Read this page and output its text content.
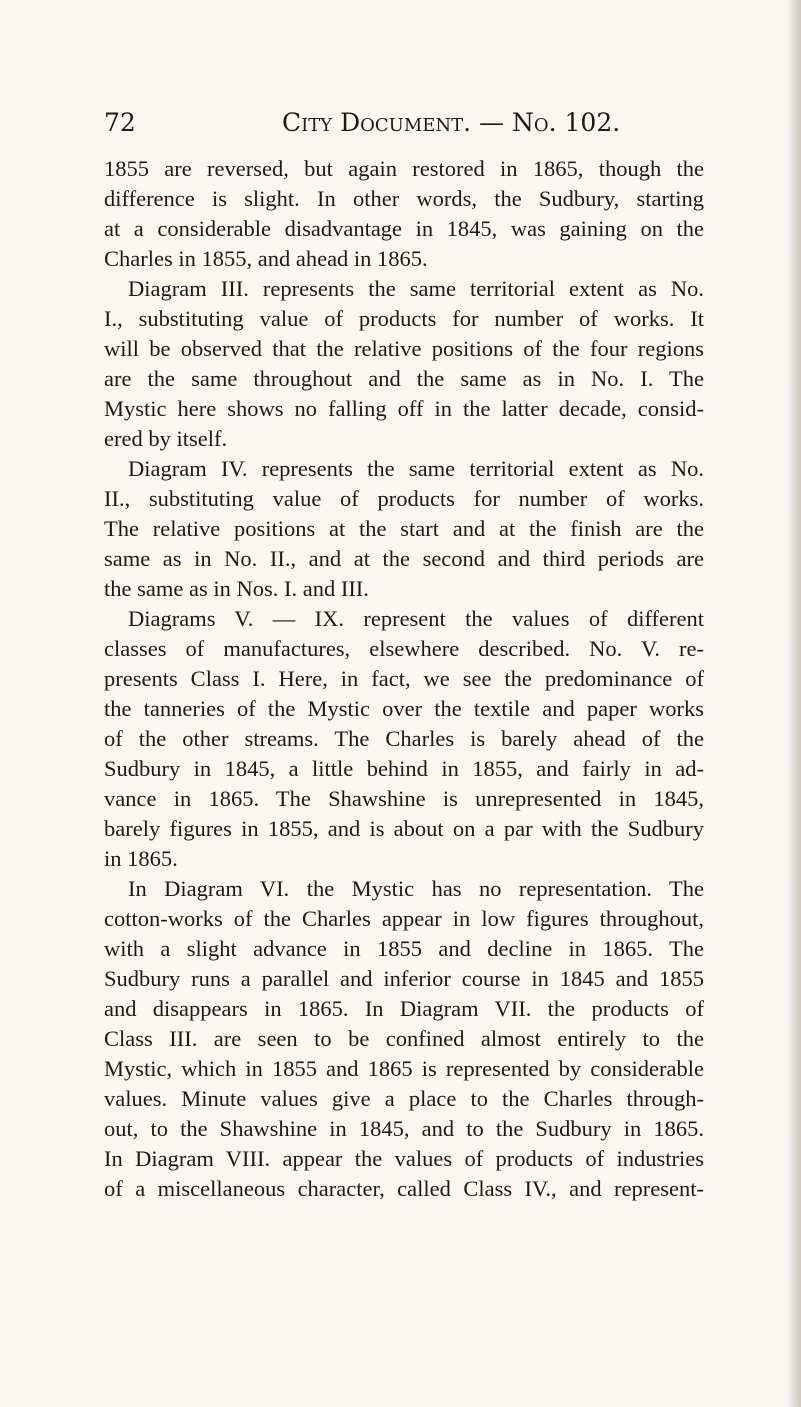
72	City Document. — No. 102.
1855 are reversed, but again restored in 1865, though the
difference is slight. In other words, the Sudbury, starting
at a considerable disadvantage in 1845, was gaining on the
Charles in 1855, and ahead in 1865.
Diagram III. represents the same territorial extent as No.
I., substituting value of products for number of works. It
will be observed that the relative positions of the four regions
are the same throughout and the same as in No. I. The
Mystic here shows no falling off in the latter decade, consid-
ered by itself.
Diagram IV. represents the same territorial extent as No.
II., substituting value of products for number of works.
The relative positions at the start and at the finish are the
same as in No. II., and at the second and third periods are
the same as in Nos. I. and III.
Diagrams V. — IX. represent the values of different
classes of manufactures, elsewhere described. No. V. re-
presents Class I. Here, in fact, we see the predominance of
the tanneries of the Mystic over the textile and paper works
of the other streams. The Charles is barely ahead of the
Sudbury in 1845, a little behind in 1855, and fairly in ad-
vance in 1865. The Shawshine is unrepresented in 1845,
barely figures in 1855, and is about on a par with the Sudbury
in 1865.
In Diagram VI. the Mystic has no representation. The
cotton-works of the Charles appear in low figures throughout,
with a slight advance in 1855 and decline in 1865. The
Sudbury runs a parallel and inferior course in 1845 and 1855
and disappears in 1865. In Diagram VII. the products of
Class III. are seen to be confined almost entirely to the
Mystic, which in 1855 and 1865 is represented by considerable
values. Minute values give a place to the Charles through-
out, to the Shawshine in 1845, and to the Sudbury in 1865.
In Diagram VIII. appear the values of products of industries
of a miscellaneous character, called Class IV., and represent-
